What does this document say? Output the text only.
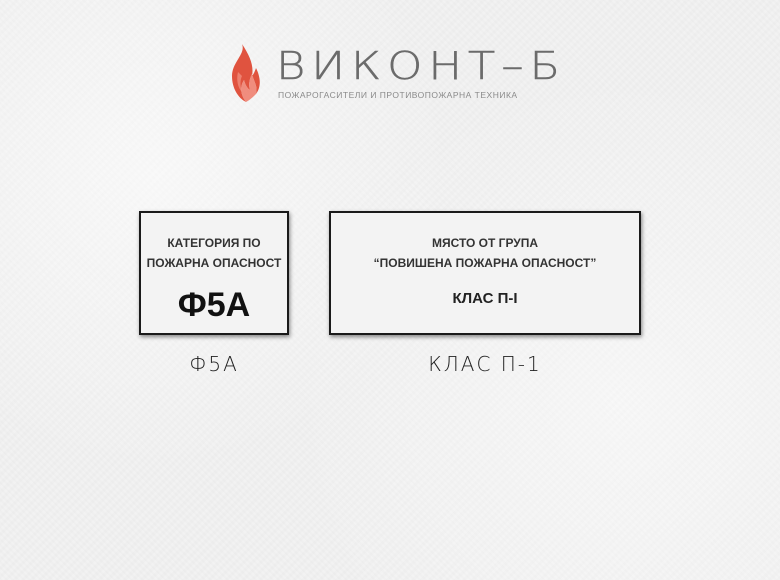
ВИКОНТ–Б
ПОЖАРОГАСИТЕЛИ И ПРОТИВОПОЖАРНА ТЕХНИКА
КАТЕГОРИЯ ПО
ПОЖАРНА ОПАСНОСТ
Ф5А
Ф5А
МЯСТО ОТ ГРУПА
“ПОВИШЕНА ПОЖАРНА ОПАСНОСТ”
КЛАС П-I
КЛАС П-1
